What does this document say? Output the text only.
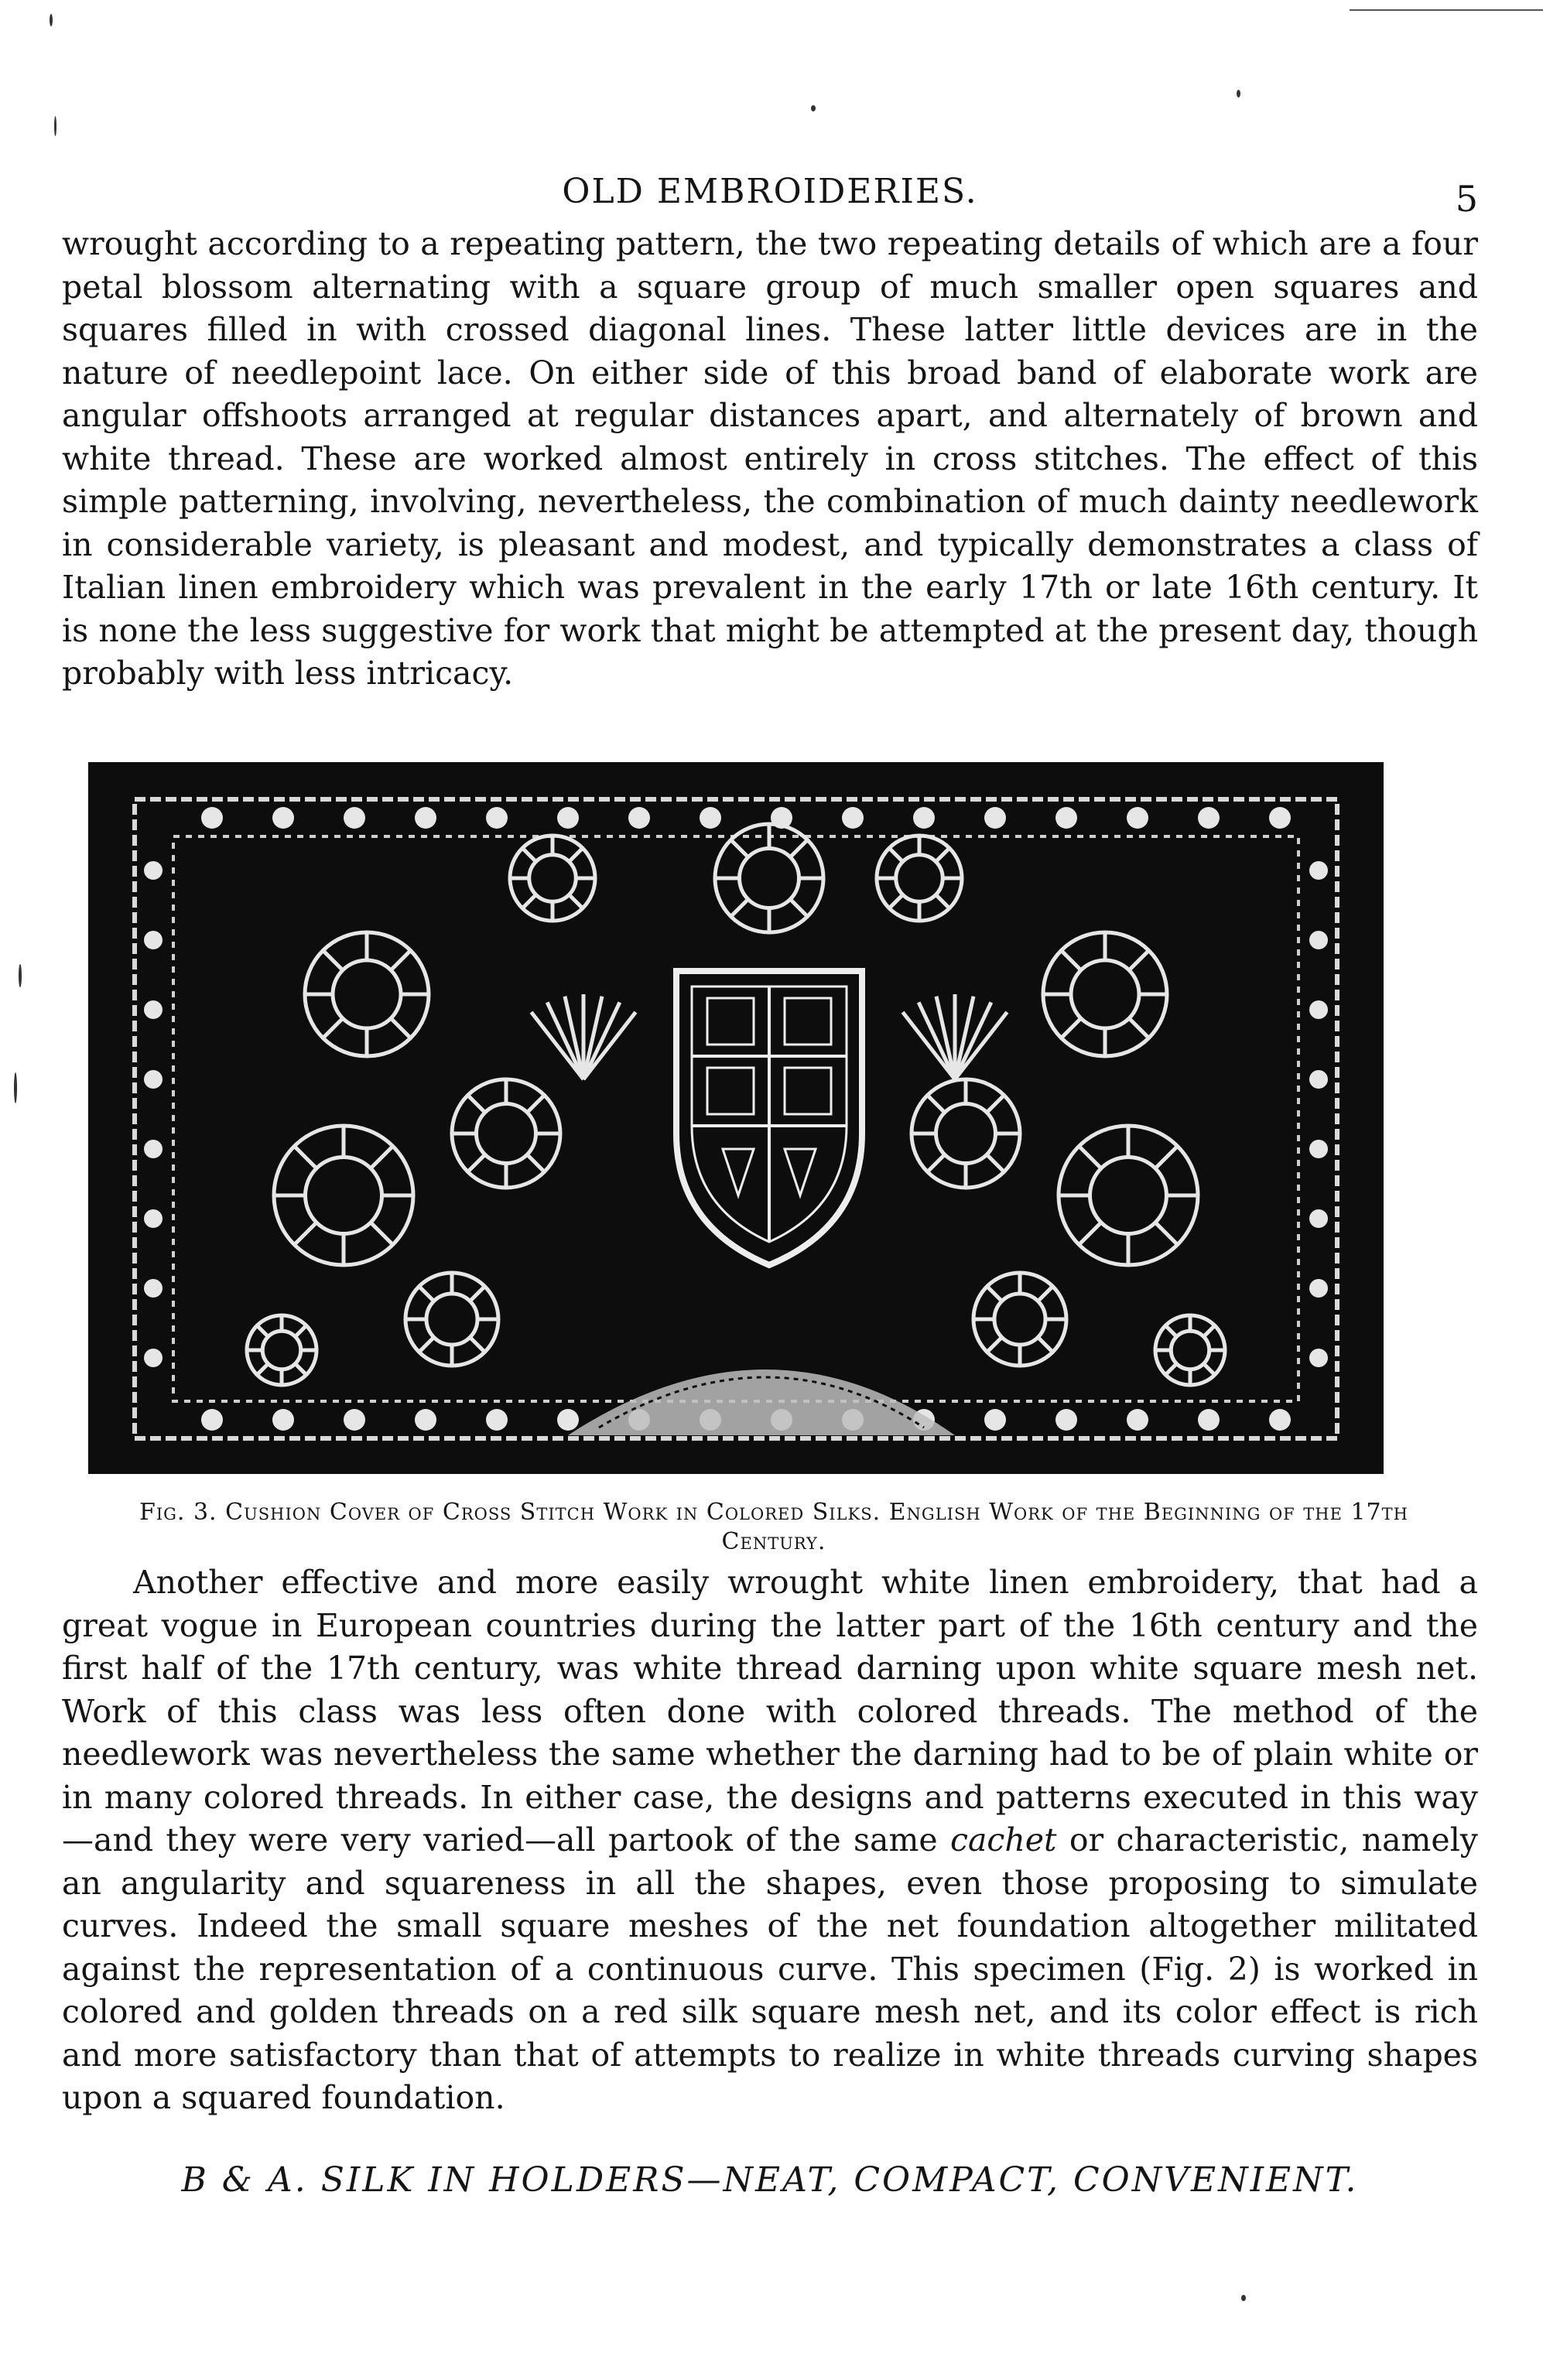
OLD EMBROIDERIES.	5
wrought according to a repeating pattern, the two repeating details of which are a four petal blossom alternating with a square group of much smaller open squares and squares filled in with crossed diagonal lines. These latter little devices are in the nature of needlepoint lace. On either side of this broad band of elaborate work are angular offshoots arranged at regular distances apart, and alternately of brown and white thread. These are worked almost entirely in cross stitches. The effect of this simple patterning, involving, nevertheless, the combination of much dainty needlework in considerable variety, is pleasant and modest, and typically demonstrates a class of Italian linen embroidery which was prevalent in the early 17th or late 16th century. It is none the less suggestive for work that might be attempted at the present day, though probably with less intricacy.
Fig. 3. Cushion Cover of Cross Stitch Work in Colored Silks. English Work of the Beginning of the 17th Century.
Another effective and more easily wrought white linen embroidery, that had a great vogue in European countries during the latter part of the 16th century and the first half of the 17th century, was white thread darning upon white square mesh net. Work of this class was less often done with colored threads. The method of the needlework was nevertheless the same whether the darning had to be of plain white or in many colored threads. In either case, the designs and patterns executed in this way—and they were very varied—all partook of the same cachet or characteristic, namely an angularity and squareness in all the shapes, even those proposing to simulate curves. Indeed the small square meshes of the net foundation altogether militated against the representation of a continuous curve. This specimen (Fig. 2) is worked in colored and golden threads on a red silk square mesh net, and its color effect is rich and more satisfactory than that of attempts to realize in white threads curving shapes upon a squared foundation.
B & A. SILK IN HOLDERS—NEAT, COMPACT, CONVENIENT.
